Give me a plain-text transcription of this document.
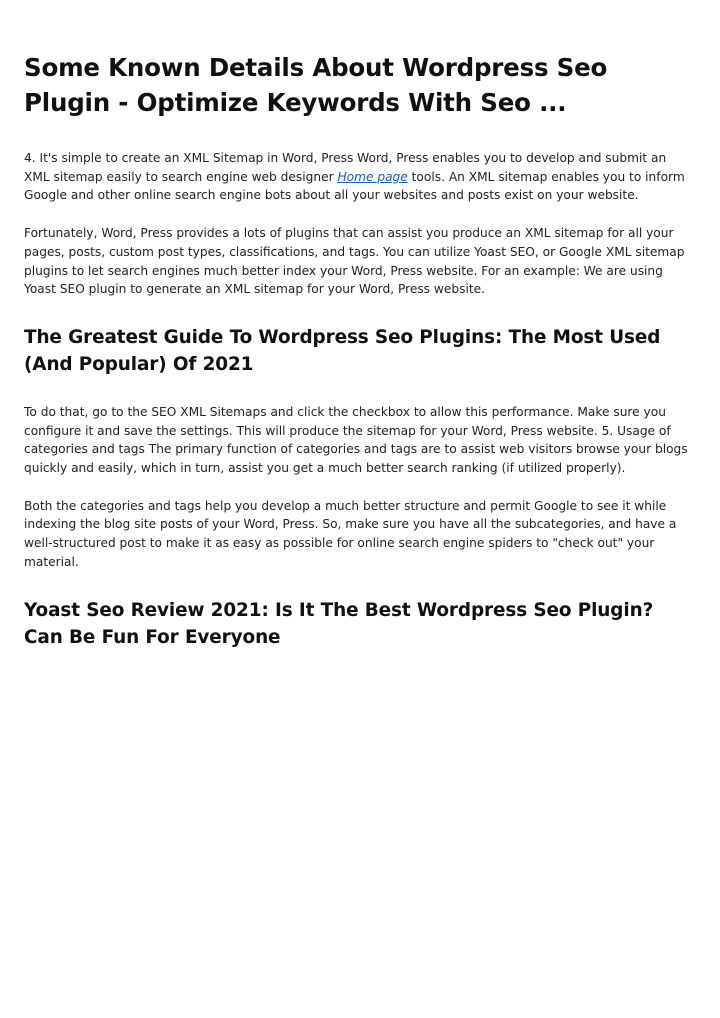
Some Known Details About Wordpress Seo Plugin - Optimize Keywords With Seo ...

4. It's simple to create an XML Sitemap in Word, Press Word, Press enables you to develop and submit an XML sitemap easily to search engine web designer Home page tools. An XML sitemap enables you to inform Google and other online search engine bots about all your websites and posts exist on your website.

Fortunately, Word, Press provides a lots of plugins that can assist you produce an XML sitemap for all your pages, posts, custom post types, classifications, and tags. You can utilize Yoast SEO, or Google XML sitemap plugins to let search engines much better index your Word, Press website. For an example: We are using Yoast SEO plugin to generate an XML sitemap for your Word, Press website.

The Greatest Guide To Wordpress Seo Plugins: The Most Used (And Popular) Of 2021

To do that, go to the SEO XML Sitemaps and click the checkbox to allow this performance. Make sure you configure it and save the settings. This will produce the sitemap for your Word, Press website. 5. Usage of categories and tags The primary function of categories and tags are to assist web visitors browse your blogs quickly and easily, which in turn, assist you get a much better search ranking (if utilized properly).

Both the categories and tags help you develop a much better structure and permit Google to see it while indexing the blog site posts of your Word, Press. So, make sure you have all the subcategories, and have a well-structured post to make it as easy as possible for online search engine spiders to "check out" your material.

Yoast Seo Review 2021: Is It The Best Wordpress Seo Plugin? Can Be Fun For Everyone
